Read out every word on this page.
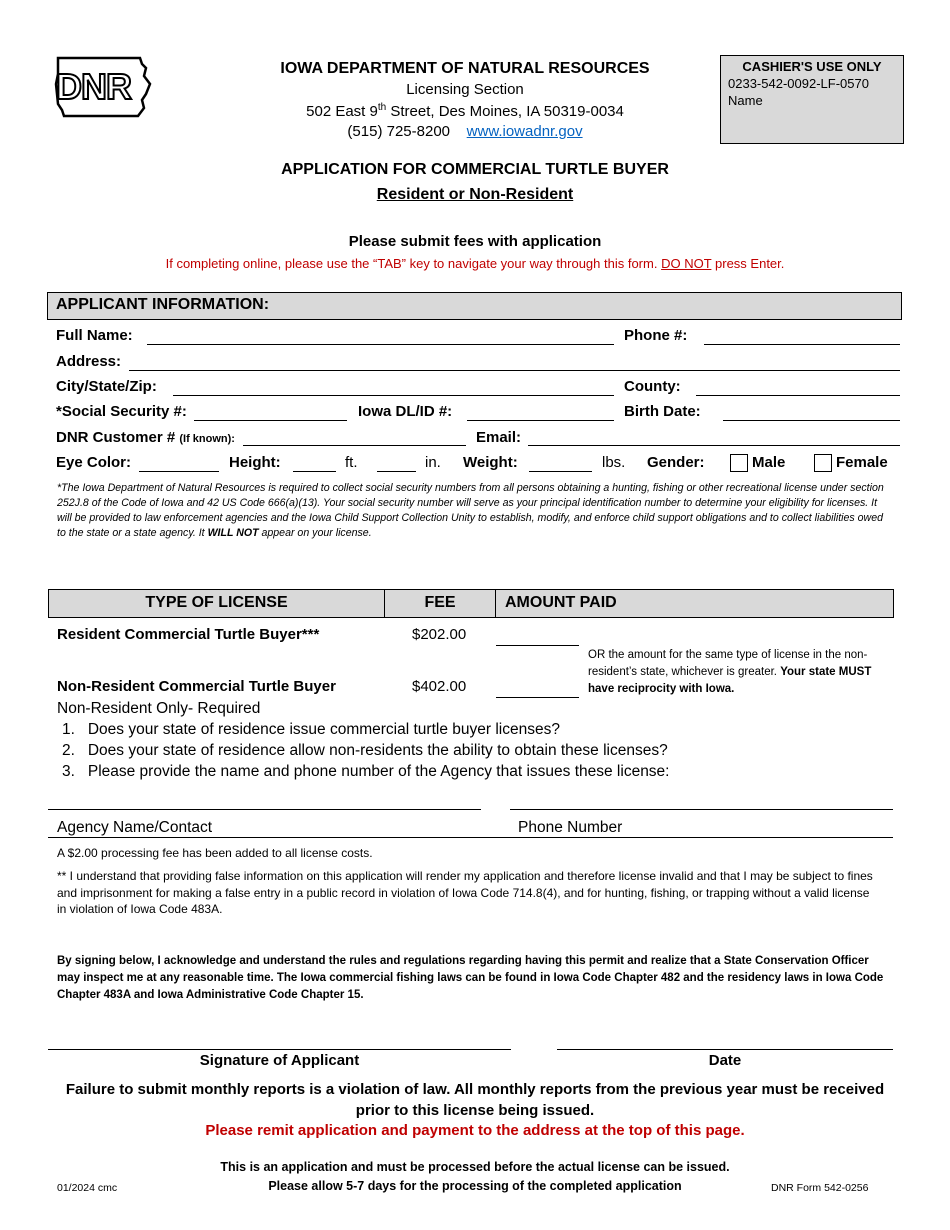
DNR	IOWA DEPARTMENT OF NATURAL RESOURCES
Licensing Section
502 East 9th Street, Des Moines, IA 50319-0034
(515) 725-8200 www.iowadnr.gov
CASHIER'S USE ONLY
0233-542-0092-LF-0570
Name
APPLICATION FOR COMMERCIAL TURTLE BUYER
Resident or Non-Resident
Please submit fees with application
If completing online, please use the “TAB” key to navigate your way through this form. DO NOT press Enter.
APPLICANT INFORMATION:
Full Name:	Phone #:
Address:
City/State/Zip:	County:
*Social Security #:	Iowa DL/ID #:	Birth Date:
DNR Customer # (If known):	Email:
Eye Color:	Height:	ft.	in. Weight:	lbs. Gender:	Male	Female
*The Iowa Department of Natural Resources is required to collect social security numbers from all persons obtaining a hunting, fishing or other recreational license under section 252J.8 of the Code of Iowa and 42 US Code 666(a)(13). Your social security number will serve as your principal identification number to determine your eligibility for licenses. It will be provided to law enforcement agencies and the Iowa Child Support Collection Unity to establish, modify, and enforce child support obligations and to collect liabilities owed to the state or a state agency. It WILL NOT appear on your license.
TYPE OF LICENSE	FEE	AMOUNT PAID
Resident Commercial Turtle Buyer***	$202.00
OR the amount for the same type of license in the non-resident’s state, whichever is greater. Your state MUST have reciprocity with Iowa.
Non-Resident Commercial Turtle Buyer	$402.00
Non-Resident Only- Required
1.   Does your state of residence issue commercial turtle buyer licenses?
2.   Does your state of residence allow non-residents the ability to obtain these licenses?
3.   Please provide the name and phone number of the Agency that issues these license:
Agency Name/Contact	Phone Number
A $2.00 processing fee has been added to all license costs.
** I understand that providing false information on this application will render my application and therefore license invalid and that I may be subject to fines and imprisonment for making a false entry in a public record in violation of Iowa Code 714.8(4), and for hunting, fishing, or trapping without a valid license in violation of Iowa Code 483A.
By signing below, I acknowledge and understand the rules and regulations regarding having this permit and realize that a State Conservation Officer may inspect me at any reasonable time. The Iowa commercial fishing laws can be found in Iowa Code Chapter 482 and the residency laws in Iowa Code Chapter 483A and Iowa Administrative Code Chapter 15.
Signature of Applicant	Date
Failure to submit monthly reports is a violation of law. All monthly reports from the previous year must be received prior to this license being issued.
Please remit application and payment to the address at the top of this page.
This is an application and must be processed before the actual license can be issued.
Please allow 5-7 days for the processing of the completed application
01/2024 cmc	DNR Form 542-0256
